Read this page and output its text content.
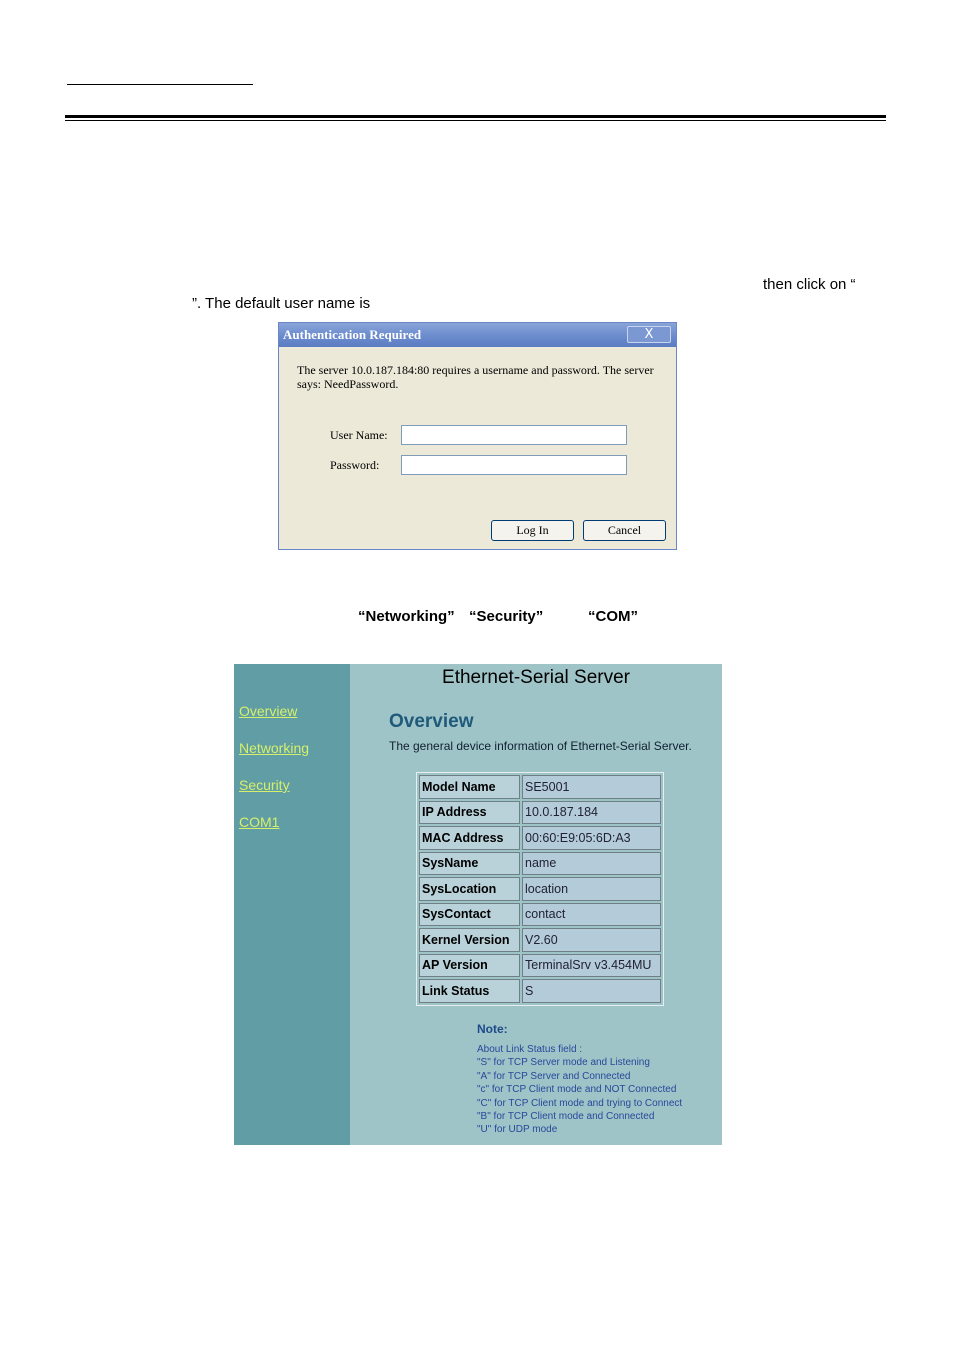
then click on “
”. The default user name is
Authentication Required	X
The server 10.0.187.184:80 requires a username and password. The server says: NeedPassword.
User Name:
Password:
Log In	Cancel
“Networking” “Security”	“COM”
Overview
Networking
Security
COM1
Ethernet-Serial Server
Overview
The general device information of Ethernet-Serial Server.
Model Name	SE5001
IP Address	10.0.187.184
MAC Address	00:60:E9:05:6D:A3
SysName	name
SysLocation	location
SysContact	contact
Kernel Version	V2.60
AP Version	TerminalSrv v3.454MU
Link Status	S
Note:
About Link Status field :
"S" for TCP Server mode and Listening
"A" for TCP Server and Connected
"c" for TCP Client mode and NOT Connected
"C" for TCP Client mode and trying to Connect
"B" for TCP Client mode and Connected
"U" for UDP mode
